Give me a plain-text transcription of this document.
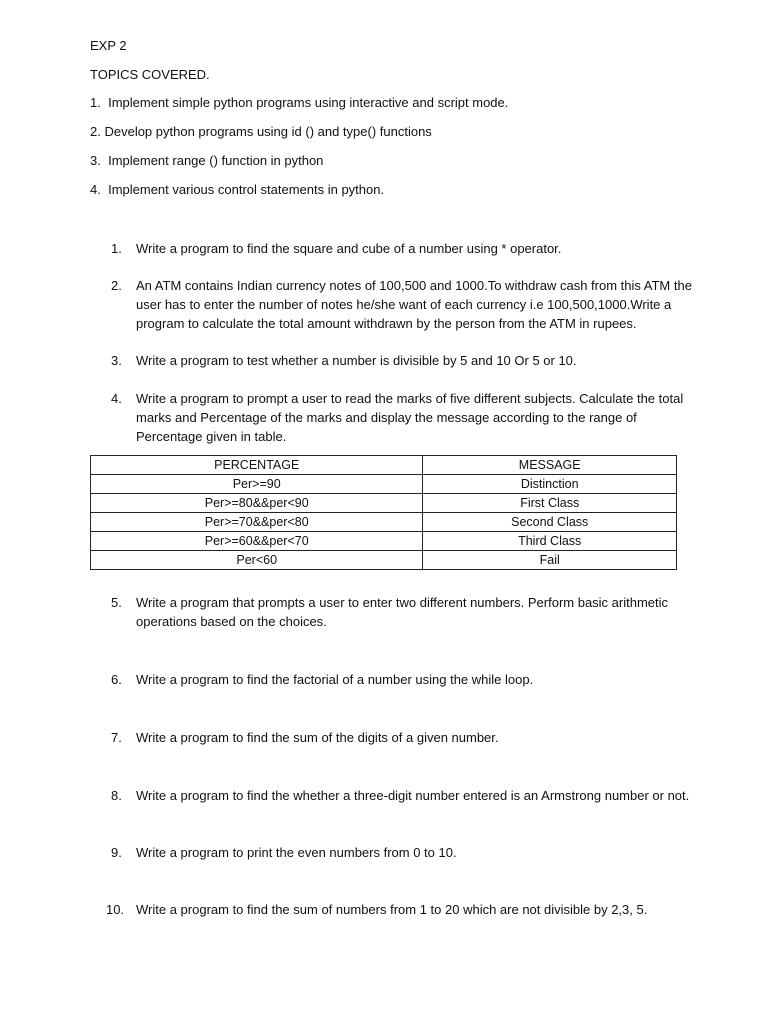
EXP 2
TOPICS COVERED.
1. Implement simple python programs using interactive and script mode.
2. Develop python programs using id () and type() functions
3. Implement range () function in python
4. Implement various control statements in python.
1.	Write a program to find the square and cube of a number using * operator.
2.	An ATM contains Indian currency notes of 100,500 and 1000.To withdraw cash from this ATM the user has to enter the number of notes he/she want of each currency i.e 100,500,1000.Write a program to calculate the total amount withdrawn by the person from the ATM in rupees.
3.	Write a program to test whether a number is divisible by 5 and 10 Or 5 or 10.
4.	Write a program to prompt a user to read the marks of five different subjects. Calculate the total marks and Percentage of the marks and display the message according to the range of Percentage given in table.
PERCENTAGE	MESSAGE
Per>=90	Distinction
Per>=80&&per<90	First Class
Per>=70&&per<80	Second Class
Per>=60&&per<70	Third Class
Per<60	Fail
5.	Write a program that prompts a user to enter two different numbers. Perform basic arithmetic operations based on the choices.
6.	Write a program to find the factorial of a number using the while loop.
7.	Write a program to find the sum of the digits of a given number.
8.	Write a program to find the whether a three-digit number entered is an Armstrong number or not.
9.	Write a program to print the even numbers from 0 to 10.
10. Write a program to find the sum of numbers from 1 to 20 which are not divisible by 2,3, 5.
